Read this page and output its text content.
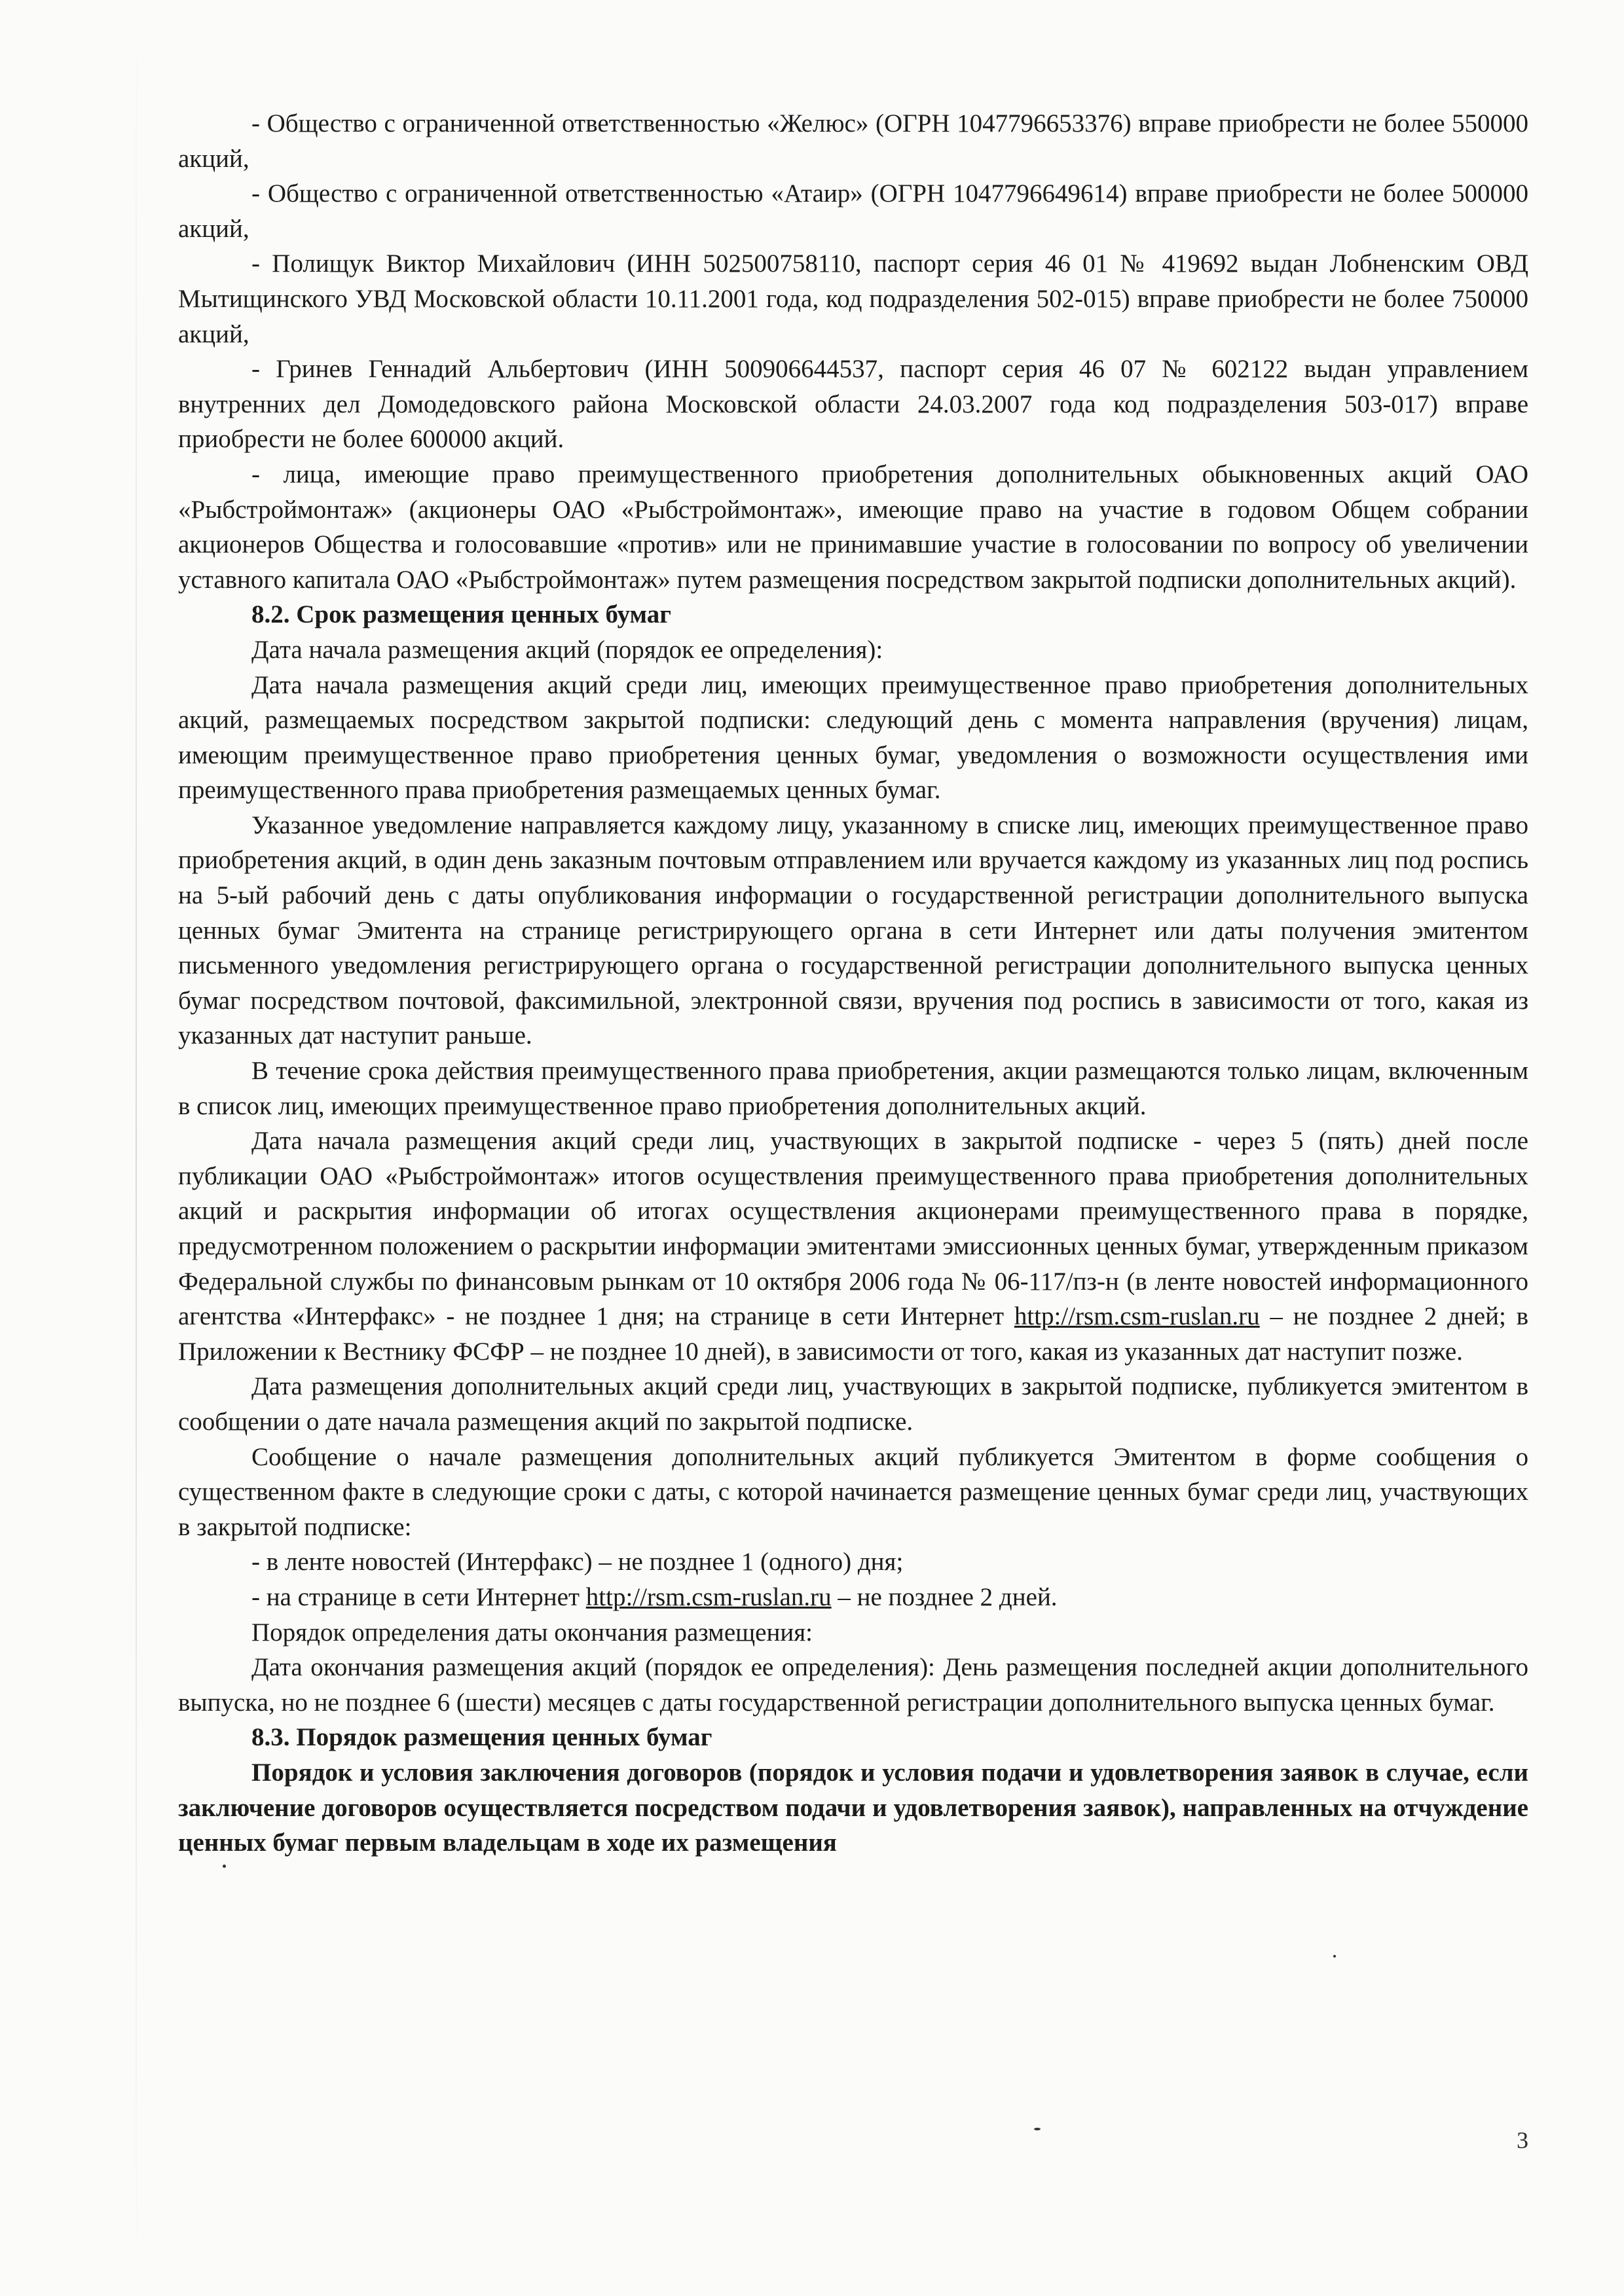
- Общество с ограниченной ответственностью «Желюс» (ОГРН 1047796653376) вправе приобрести не более 550000 акций,

- Общество с ограниченной ответственностью «Атаир» (ОГРН 1047796649614) вправе приобрести не более 500000 акций,

- Полищук Виктор Михайлович (ИНН 502500758110, паспорт серия 46 01 № 419692 выдан Лобненским ОВД Мытищинского УВД Московской области 10.11.2001 года, код подразделения 502-015) вправе приобрести не более 750000 акций,

- Гринев Геннадий Альбертович (ИНН 500906644537, паспорт серия 46 07 № 602122 выдан управлением внутренних дел Домодедовского района Московской области 24.03.2007 года код подразделения 503-017) вправе приобрести не более 600000 акций.

- лица, имеющие право преимущественного приобретения дополнительных обыкновенных акций ОАО «Рыбстроймонтаж» (акционеры ОАО «Рыбстроймонтаж», имеющие право на участие в годовом Общем собрании акционеров Общества и голосовавшие «против» или не принимавшие участие в голосовании по вопросу об увеличении уставного капитала ОАО «Рыбстроймонтаж» путем размещения посредством закрытой подписки дополнительных акций).

8.2. Срок размещения ценных бумаг

Дата начала размещения акций (порядок ее определения):

Дата начала размещения акций среди лиц, имеющих преимущественное право приобретения дополнительных акций, размещаемых посредством закрытой подписки: следующий день с момента направления (вручения) лицам, имеющим преимущественное право приобретения ценных бумаг, уведомления о возможности осуществления ими преимущественного права приобретения размещаемых ценных бумаг.

Указанное уведомление направляется каждому лицу, указанному в списке лиц, имеющих преимущественное право приобретения акций, в один день заказным почтовым отправлением или вручается каждому из указанных лиц под роспись на 5-ый рабочий день с даты опубликования информации о государственной регистрации дополнительного выпуска ценных бумаг Эмитента на странице регистрирующего органа в сети Интернет или даты получения эмитентом письменного уведомления регистрирующего органа о государственной регистрации дополнительного выпуска ценных бумаг посредством почтовой, факсимильной, электронной связи, вручения под роспись в зависимости от того, какая из указанных дат наступит раньше.

В течение срока действия преимущественного права приобретения, акции размещаются только лицам, включенным в список лиц, имеющих преимущественное право приобретения дополнительных акций.

Дата начала размещения акций среди лиц, участвующих в закрытой подписке - через 5 (пять) дней после публикации ОАО «Рыбстроймонтаж» итогов осуществления преимущественного права приобретения дополнительных акций и раскрытия информации об итогах осуществления акционерами преимущественного права в порядке, предусмотренном положением о раскрытии информации эмитентами эмиссионных ценных бумаг, утвержденным приказом Федеральной службы по финансовым рынкам от 10 октября 2006 года № 06-117/пз-н (в ленте новостей информационного агентства «Интерфакс» - не позднее 1 дня; на странице в сети Интернет http://rsm.csm-ruslan.ru – не позднее 2 дней; в Приложении к Вестнику ФСФР – не позднее 10 дней), в зависимости от того, какая из указанных дат наступит позже.

Дата размещения дополнительных акций среди лиц, участвующих в закрытой подписке, публикуется эмитентом в сообщении о дате начала размещения акций по закрытой подписке.

Сообщение о начале размещения дополнительных акций публикуется Эмитентом в форме сообщения о существенном факте в следующие сроки с даты, с которой начинается размещение ценных бумаг среди лиц, участвующих в закрытой подписке:

- в ленте новостей (Интерфакс) – не позднее 1 (одного) дня;

- на странице в сети Интернет http://rsm.csm-ruslan.ru – не позднее 2 дней.

Порядок определения даты окончания размещения:

Дата окончания размещения акций (порядок ее определения): День размещения последней акции дополнительного выпуска, но не позднее 6 (шести) месяцев с даты государственной регистрации дополнительного выпуска ценных бумаг.

8.3. Порядок размещения ценных бумаг

Порядок и условия заключения договоров (порядок и условия подачи и удовлетворения заявок в случае, если заключение договоров осуществляется посредством подачи и удовлетворения заявок), направленных на отчуждение ценных бумаг первым владельцам в ходе их размещения

3
